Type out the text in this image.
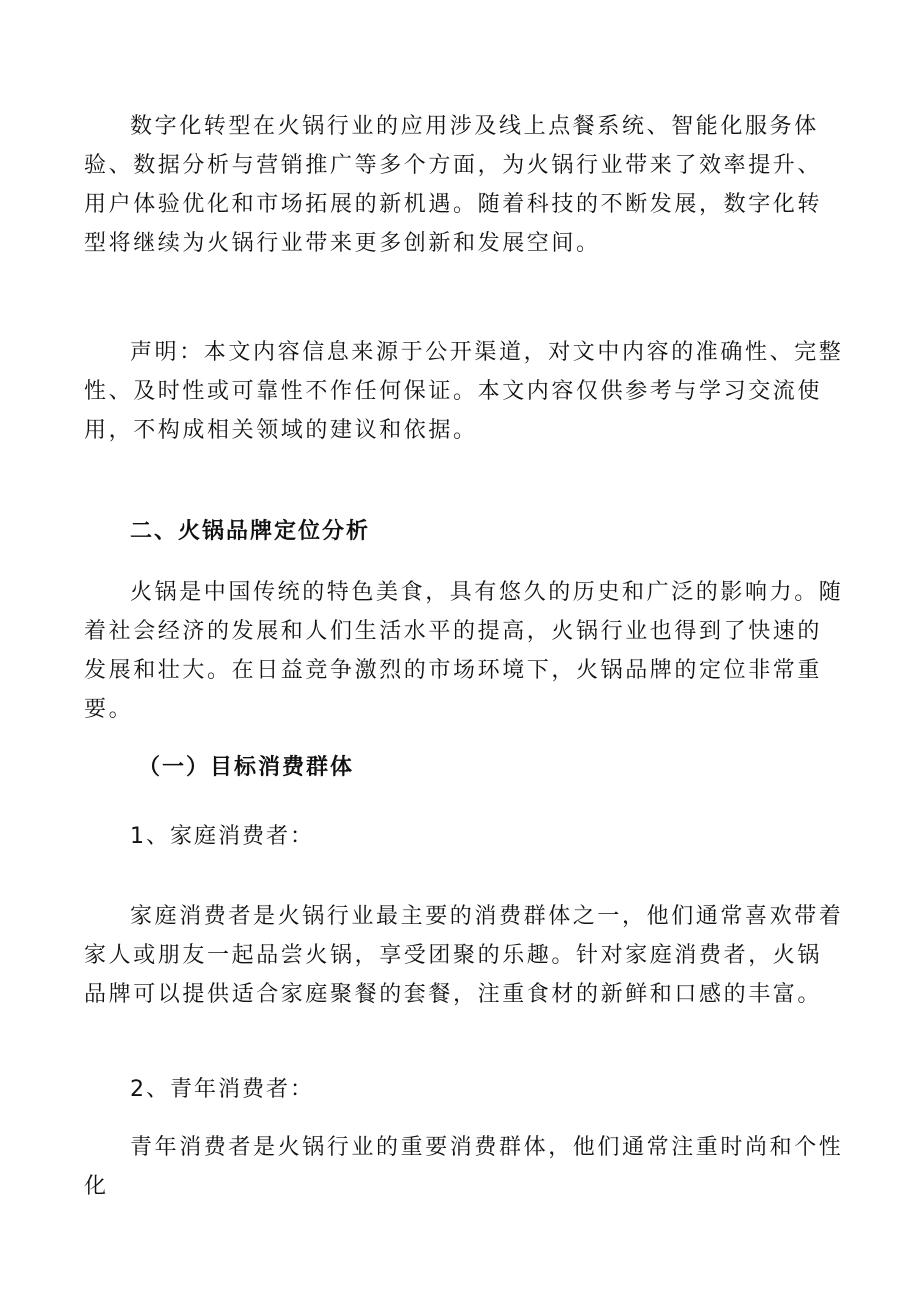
数字化转型在火锅行业的应用涉及线上点餐系统、智能化服务体验、数据分析与营销推广等多个方面，为火锅行业带来了效率提升、用户体验优化和市场拓展的新机遇。随着科技的不断发展，数字化转型将继续为火锅行业带来更多创新和发展空间。

声明：本文内容信息来源于公开渠道，对文中内容的准确性、完整性、及时性或可靠性不作任何保证。本文内容仅供参考与学习交流使用，不构成相关领域的建议和依据。

二、火锅品牌定位分析

火锅是中国传统的特色美食，具有悠久的历史和广泛的影响力。随着社会经济的发展和人们生活水平的提高，火锅行业也得到了快速的发展和壮大。在日益竞争激烈的市场环境下，火锅品牌的定位非常重要。

（一）目标消费群体
1、家庭消费者：

家庭消费者是火锅行业最主要的消费群体之一，他们通常喜欢带着家人或朋友一起品尝火锅，享受团聚的乐趣。针对家庭消费者，火锅品牌可以提供适合家庭聚餐的套餐，注重食材的新鲜和口感的丰富。

2、青年消费者：

青年消费者是火锅行业的重要消费群体，他们通常注重时尚和个性化
